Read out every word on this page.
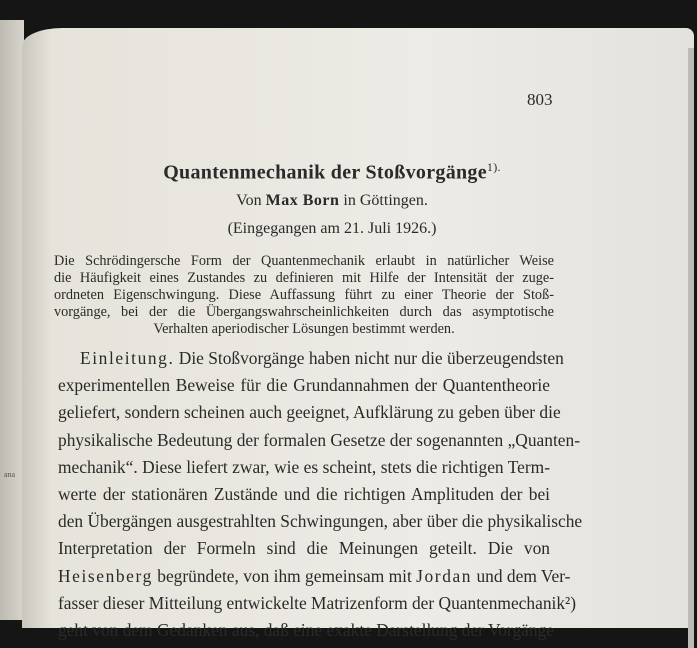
ana
803
Quantenmechanik der Stoßvorgänge$^{1).}$
Von Max Born in Göttingen.
(Eingegangen am 21. Juli 1926.)
Die Schrödingersche Form der Quantenmechanik erlaubt in natürlicher Weise
die Häufigkeit eines Zustandes zu definieren mit Hilfe der Intensität der zuge-
ordneten Eigenschwingung. Diese Auffassung führt zu einer Theorie der Stoß-
vorgänge, bei der die Übergangswahrscheinlichkeiten durch das asymptotische
Verhalten aperiodischer Lösungen bestimmt werden.
Einleitung. Die Stoßvorgänge haben nicht nur die überzeugendsten
experimentellen Beweise für die Grundannahmen der Quantentheorie
geliefert, sondern scheinen auch geeignet, Aufklärung zu geben über die
physikalische Bedeutung der formalen Gesetze der sogenannten „Quanten-
mechanik“. Diese liefert zwar, wie es scheint, stets die richtigen Term-
werte der stationären Zustände und die richtigen Amplituden der bei
den Übergängen ausgestrahlten Schwingungen, aber über die physikalische
Interpretation der Formeln sind die Meinungen geteilt. Die von
Heisenberg begründete, von ihm gemeinsam mit Jordan und dem Ver-
fasser dieser Mitteilung entwickelte Matrizenform der Quantenmechanik²)
geht von dem Gedanken aus, daß eine exakte Darstellung der Vorgänge
